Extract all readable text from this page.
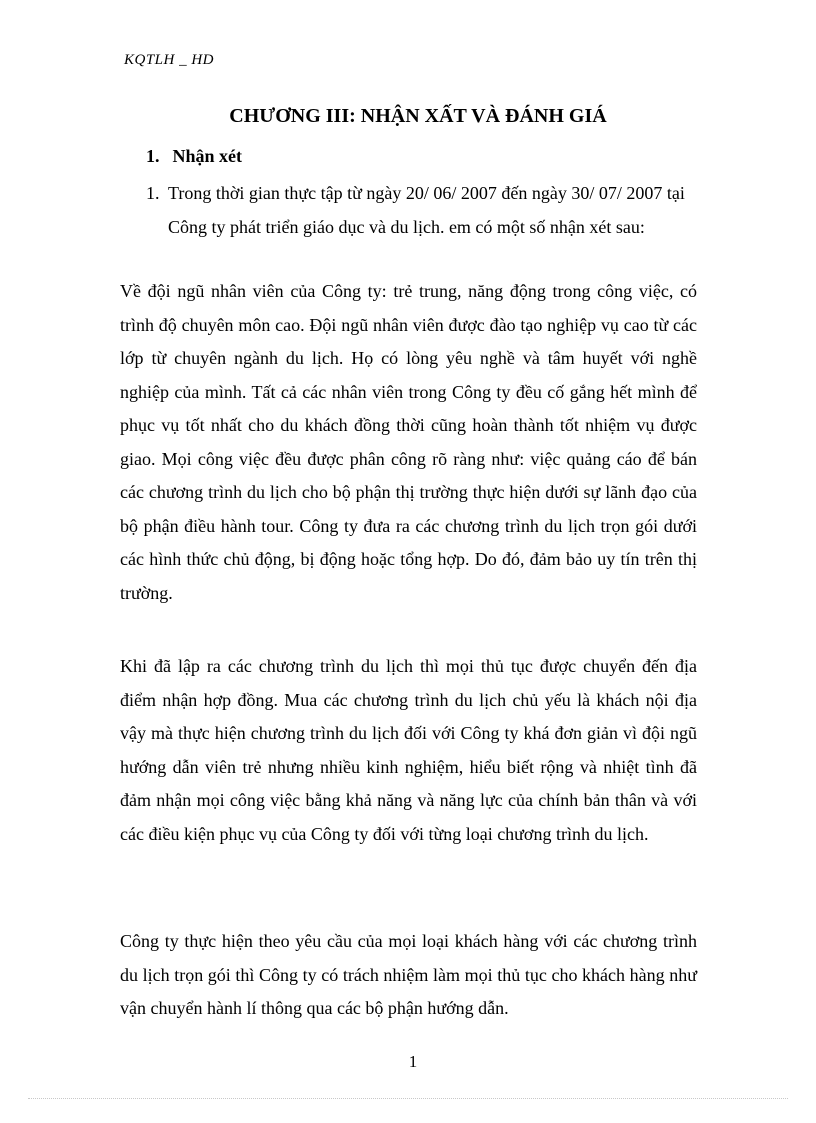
KQTLH _ HD
CHƯƠNG III: NHẬN XẤT VÀ ĐÁNH GIÁ
1. Nhận xét
1. Trong thời gian thực tập từ ngày 20/ 06/ 2007 đến ngày 30/ 07/ 2007 tại Công ty phát triển giáo dục và du lịch. em có một số nhận xét sau:

Về đội ngũ nhân viên của Công ty: trẻ trung, năng động trong công việc, có trình độ chuyên môn cao. Đội ngũ nhân viên được đào tạo nghiệp vụ cao từ các lớp từ chuyên ngành du lịch. Họ có lòng yêu nghề và tâm huyết với nghề nghiệp của mình. Tất cả các nhân viên trong Công ty đều cố gắng hết mình để phục vụ tốt nhất cho du khách đồng thời cũng hoàn thành tốt nhiệm vụ được giao. Mọi công việc đều được phân công rõ ràng như: việc quảng cáo để bán các chương trình du lịch cho bộ phận thị trường thực hiện dưới sự lãnh đạo của bộ phận điều hành tour. Công ty đưa ra các chương trình du lịch trọn gói dưới các hình thức chủ động, bị động hoặc tổng hợp. Do đó, đảm bảo uy tín trên thị trường.

Khi đã lập ra các chương trình du lịch thì mọi thủ tục được chuyển đến địa điểm nhận hợp đồng. Mua các chương trình du lịch chủ yếu là khách nội địa vậy mà thực hiện chương trình du lịch đối với Công ty khá đơn giản vì đội ngũ hướng dẫn viên trẻ nhưng nhiều kinh nghiệm, hiểu biết rộng và nhiệt tình đã đảm nhận mọi công việc bằng khả năng và năng lực của chính bản thân và với các điều kiện phục vụ của Công ty đối với từng loại chương trình du lịch.

Công ty thực hiện theo yêu cầu của mọi loại khách hàng với các chương trình du lịch trọn gói thì Công ty có trách nhiệm làm mọi thủ tục cho khách hàng như vận chuyển hành lí thông qua các bộ phận hướng dẫn.

1
